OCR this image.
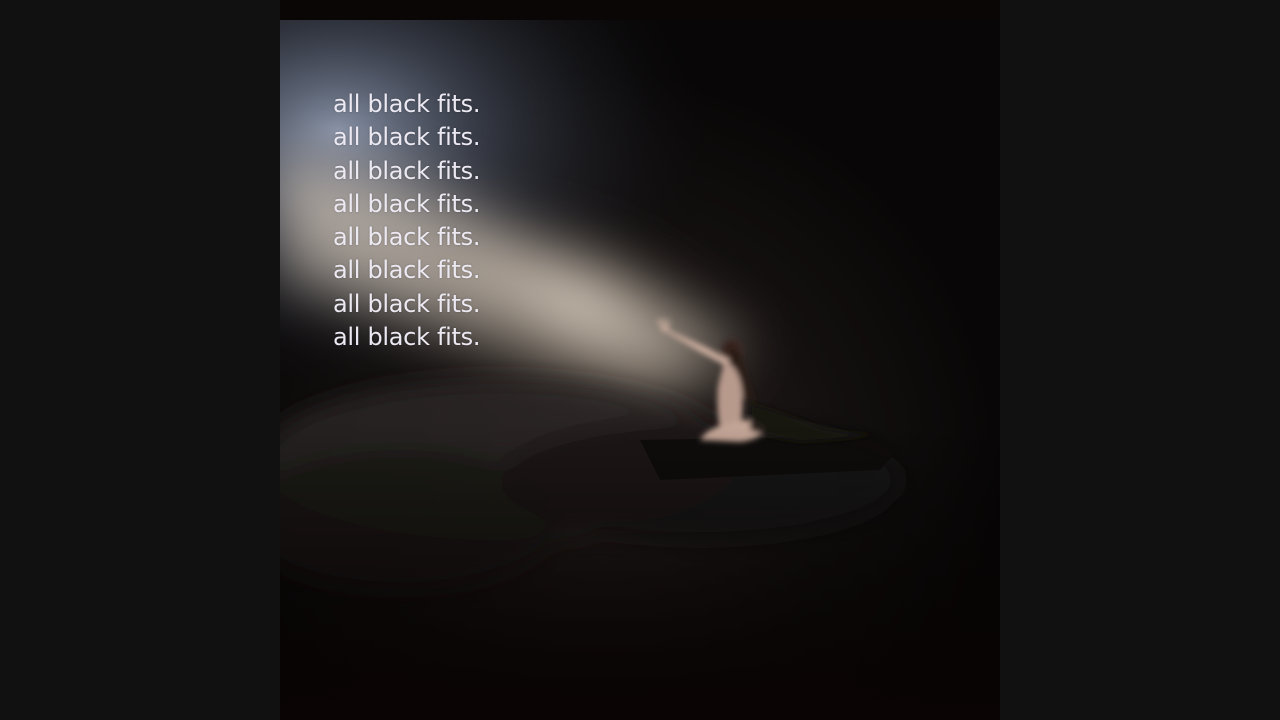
all black fits.
all black fits.
all black fits.
all black fits.
all black fits.
all black fits.
all black fits.
all black fits.
